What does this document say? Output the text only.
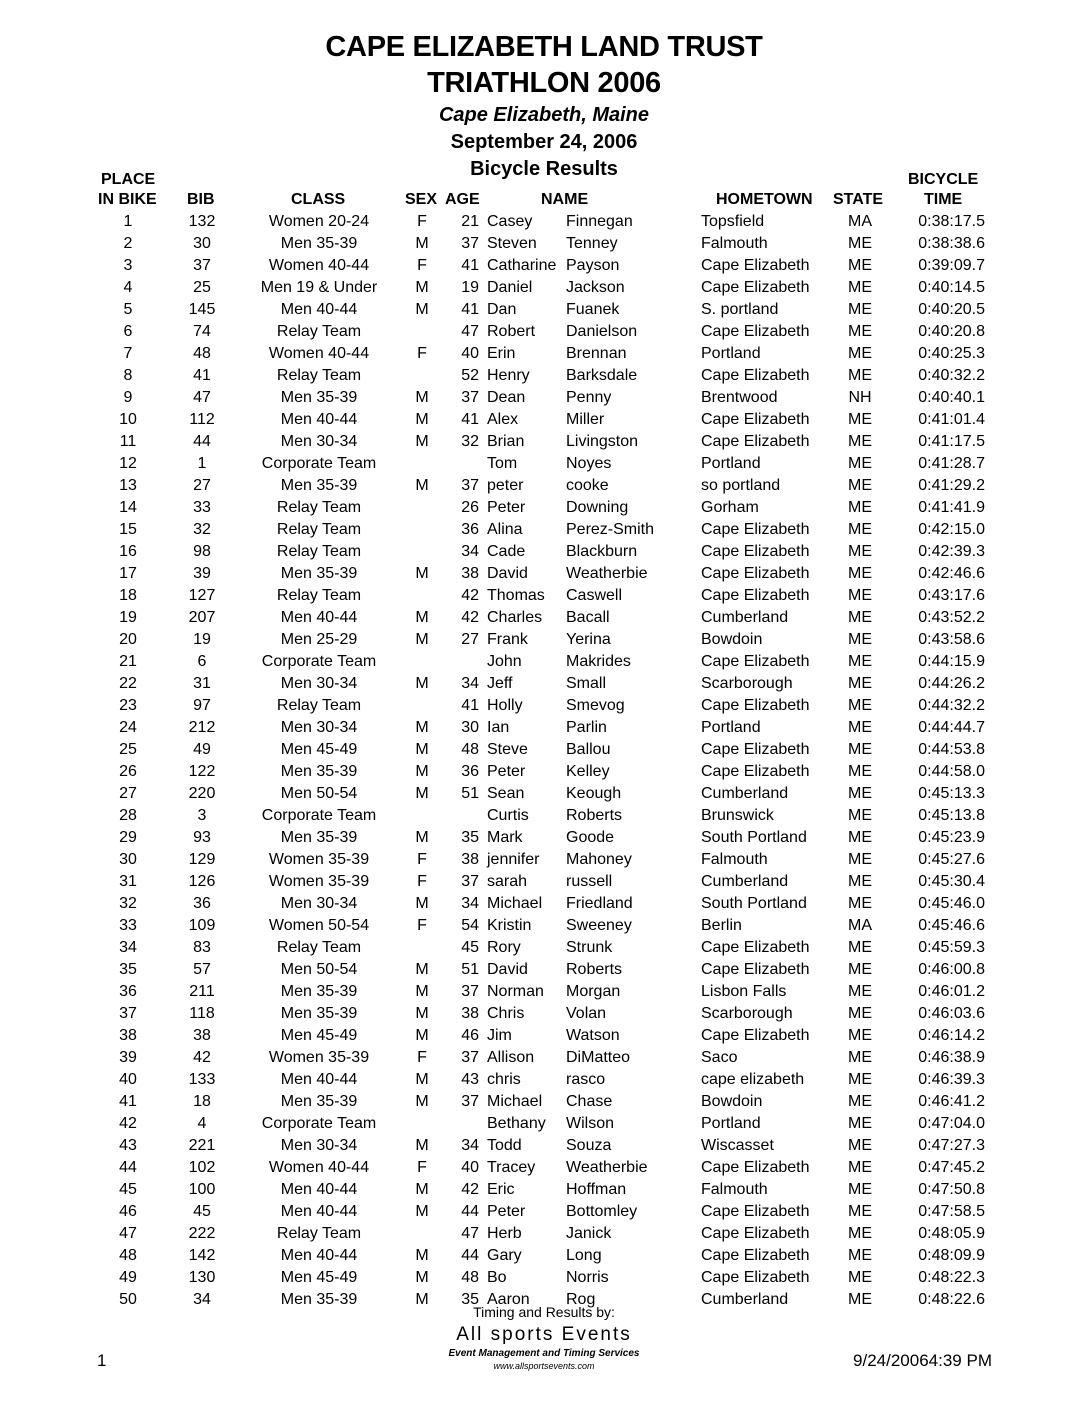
CAPE ELIZABETH LAND TRUST
TRIATHLON 2006
Cape Elizabeth, Maine
September 24, 2006
Bicycle Results
PLACE
IN BIKE BIB	CLASS	SEX AGE	NAME	HOMETOWN STATE
BICYCLE
TIME
1	132	Women 20-24	F	21 Casey Finnegan	Topsfield	MA	0:38:17.5
2	30	Men 35-39	M	37 Steven Tenney	Falmouth	ME	0:38:38.6
3	37	Women 40-44	F	41 Catharine Payson	Cape Elizabeth	ME	0:39:09.7
4	25	Men 19 & Under	M	19 Daniel Jackson	Cape Elizabeth	ME	0:40:14.5
5	145	Men 40-44	M	41 Dan	Fuanek	S. portland	ME	0:40:20.5
6	74	Relay Team	47 Robert Danielson	Cape Elizabeth	ME	0:40:20.8
7	48	Women 40-44	F	40 Erin	Brennan	Portland	ME	0:40:25.3
8	41	Relay Team	52 Henry Barksdale	Cape Elizabeth	ME	0:40:32.2
9	47	Men 35-39	M	37 Dean	Penny	Brentwood	NH	0:40:40.1
10	112	Men 40-44	M	41 Alex	Miller	Cape Elizabeth	ME	0:41:01.4
11	44	Men 30-34	M	32 Brian	Livingston	Cape Elizabeth	ME	0:41:17.5
12	1	Corporate Team	Tom	Noyes	Portland	ME	0:41:28.7
13	27	Men 35-39	M	37 peter	cooke	so portland	ME	0:41:29.2
14	33	Relay Team	26 Peter	Downing	Gorham	ME	0:41:41.9
15	32	Relay Team	36 Alina	Perez-Smith	Cape Elizabeth	ME	0:42:15.0
16	98	Relay Team	34 Cade	Blackburn	Cape Elizabeth	ME	0:42:39.3
17	39	Men 35-39	M	38 David Weatherbie	Cape Elizabeth	ME	0:42:46.6
18	127	Relay Team	42 Thomas Caswell	Cape Elizabeth	ME	0:43:17.6
19	207	Men 40-44	M	42 Charles Bacall	Cumberland	ME	0:43:52.2
20	19	Men 25-29	M	27 Frank Yerina	Bowdoin	ME	0:43:58.6
21	6	Corporate Team	John	Makrides	Cape Elizabeth	ME	0:44:15.9
22	31	Men 30-34	M	34 Jeff	Small	Scarborough	ME	0:44:26.2
23	97	Relay Team	41 Holly	Smevog	Cape Elizabeth	ME	0:44:32.2
24	212	Men 30-34	M	30 Ian	Parlin	Portland	ME	0:44:44.7
25	49	Men 45-49	M	48 Steve Ballou	Cape Elizabeth	ME	0:44:53.8
26	122	Men 35-39	M	36 Peter	Kelley	Cape Elizabeth	ME	0:44:58.0
27	220	Men 50-54	M	51 Sean	Keough	Cumberland	ME	0:45:13.3
28	3	Corporate Team	Curtis Roberts	Brunswick	ME	0:45:13.8
29	93	Men 35-39	M	35 Mark	Goode	South Portland	ME	0:45:23.9
30	129	Women 35-39	F	38 jennifer Mahoney	Falmouth	ME	0:45:27.6
31	126	Women 35-39	F	37 sarah russell	Cumberland	ME	0:45:30.4
32	36	Men 30-34	M	34 Michael Friedland	South Portland	ME	0:45:46.0
33	109	Women 50-54	F	54 Kristin Sweeney	Berlin	MA	0:45:46.6
34	83	Relay Team	45 Rory	Strunk	Cape Elizabeth	ME	0:45:59.3
35	57	Men 50-54	M	51 David Roberts	Cape Elizabeth	ME	0:46:00.8
36	211	Men 35-39	M	37 Norman Morgan	Lisbon Falls	ME	0:46:01.2
37	118	Men 35-39	M	38 Chris	Volan	Scarborough	ME	0:46:03.6
38	38	Men 45-49	M	46 Jim	Watson	Cape Elizabeth	ME	0:46:14.2
39	42	Women 35-39	F	37 Allison DiMatteo	Saco	ME	0:46:38.9
40	133	Men 40-44	M	43 chris	rasco	cape elizabeth	ME	0:46:39.3
41	18	Men 35-39	M	37 Michael Chase	Bowdoin	ME	0:46:41.2
42	4	Corporate Team	Bethany Wilson	Portland	ME	0:47:04.0
43	221	Men 30-34	M	34 Todd	Souza	Wiscasset	ME	0:47:27.3
44	102	Women 40-44	F	40 Tracey Weatherbie	Cape Elizabeth	ME	0:47:45.2
45	100	Men 40-44	M	42 Eric	Hoffman	Falmouth	ME	0:47:50.8
46	45	Men 40-44	M	44 Peter	Bottomley	Cape Elizabeth	ME	0:47:58.5
47	222	Relay Team	47 Herb	Janick	Cape Elizabeth	ME	0:48:05.9
48	142	Men 40-44	M	44 Gary	Long	Cape Elizabeth	ME	0:48:09.9
49	130	Men 45-49	M	48 Bo	Norris	Cape Elizabeth	ME	0:48:22.3
50	34	Men 35-39	M	35 Aaron Rog	Cumberland	ME	0:48:22.6
Timing and Results by:
All sports Events
Event Management and Timing Services
www.allsportsevents.com
1	9/24/20064:39 PM
